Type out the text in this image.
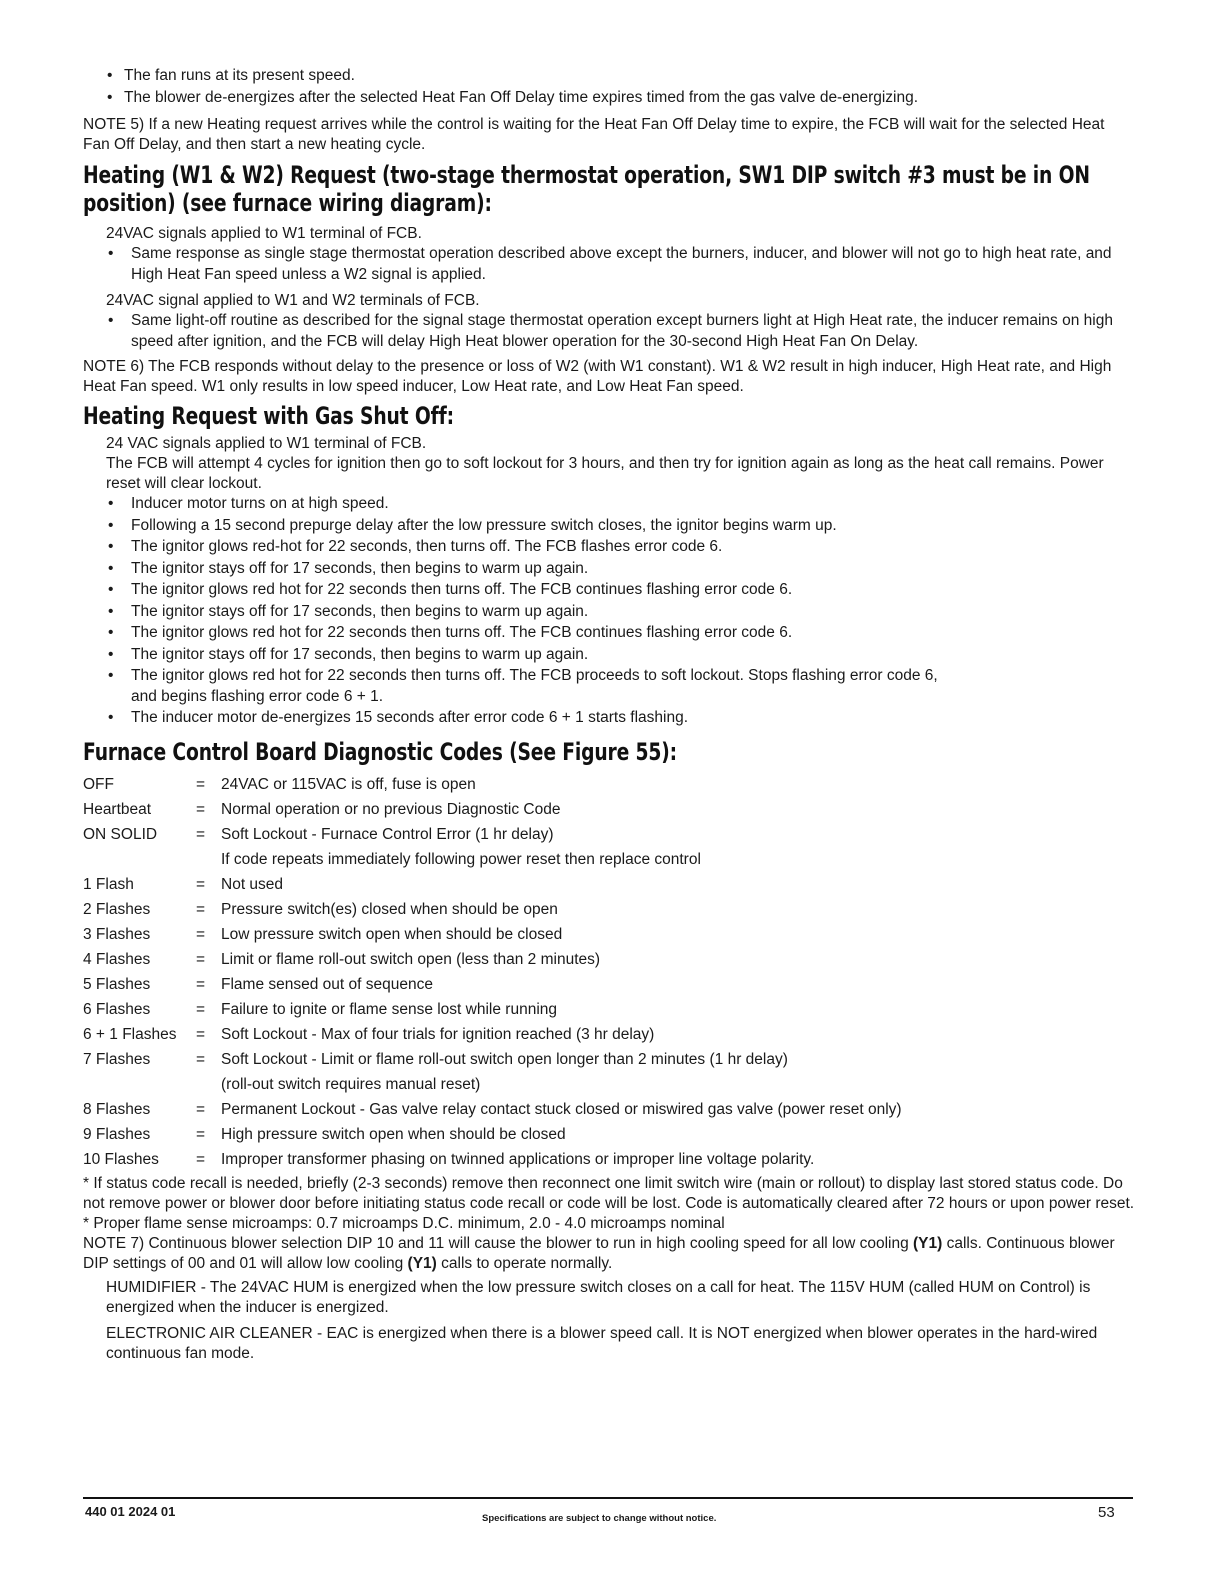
• The fan runs at its present speed.

• The blower de‐energizes after the selected Heat Fan Off Delay time expires timed from the gas valve de‐energizing.

NOTE 5) If a new Heating request arrives while the control is waiting for the Heat Fan Off Delay time to expire, the FCB will wait for the selected Heat Fan Off Delay, and then start a new heating cycle.

Heating (W1 & W2) Request (two‐stage thermostat operation, SW1 DIP switch #3 must be in ON position) (see furnace wiring diagram):

24VAC signals applied to W1 terminal of FCB.

• Same response as single stage thermostat operation described above except the burners, inducer, and blower will not go to high heat rate, and High Heat Fan speed unless a W2 signal is applied.

24VAC signal applied to W1 and W2 terminals of FCB.

• Same light‐off routine as described for the signal stage thermostat operation except burners light at High Heat rate, the inducer remains on high speed after ignition, and the FCB will delay High Heat blower operation for the 30‐second High Heat Fan On Delay.

NOTE 6) The FCB responds without delay to the presence or loss of W2 (with W1 constant). W1 & W2 result in high inducer, High Heat rate, and High Heat Fan speed. W1 only results in low speed inducer, Low Heat rate, and Low Heat Fan speed.

Heating Request with Gas Shut Off:

24 VAC signals applied to W1 terminal of FCB.

The FCB will attempt 4 cycles for ignition then go to soft lockout for 3 hours, and then try for ignition again as long as the heat call remains. Power reset will clear lockout.

• Inducer motor turns on at high speed.

• Following a 15 second prepurge delay after the low pressure switch closes, the ignitor begins warm up.

• The ignitor glows red‐hot for 22 seconds, then turns off. The FCB flashes error code 6.

• The ignitor stays off for 17 seconds, then begins to warm up again.

• The ignitor glows red hot for 22 seconds then turns off. The FCB continues flashing error code 6.

• The ignitor stays off for 17 seconds, then begins to warm up again.

• The ignitor glows red hot for 22 seconds then turns off. The FCB continues flashing error code 6.

• The ignitor stays off for 17 seconds, then begins to warm up again.

• The ignitor glows red hot for 22 seconds then turns off. The FCB proceeds to soft lockout. Stops flashing error code 6, and begins flashing error code 6 + 1.

• The inducer motor de‐energizes 15 seconds after error code 6 + 1 starts flashing.

Furnace Control Board Diagnostic Codes (See Figure 55):
OFF	=	24VAC or 115VAC is off, fuse is open
Heartbeat	=	Normal operation or no previous Diagnostic Code
ON SOLID	=	Soft Lockout ‐ Furnace Control Error (1 hr delay)
If code repeats immediately following power reset then replace control
1 Flash	=	Not used
2 Flashes	=	Pressure switch(es) closed when should be open
3 Flashes	=	Low pressure switch open when should be closed
4 Flashes	=	Limit or flame roll‐out switch open (less than 2 minutes)
5 Flashes	=	Flame sensed out of sequence
6 Flashes	=	Failure to ignite or flame sense lost while running
6 + 1 Flashes	=	Soft Lockout ‐ Max of four trials for ignition reached (3 hr delay)
7 Flashes	=	Soft Lockout ‐ Limit or flame roll‐out switch open longer than 2 minutes (1 hr delay)
(roll‐out switch requires manual reset)
8 Flashes	=	Permanent Lockout ‐ Gas valve relay contact stuck closed or miswired gas valve (power reset only)
9 Flashes	=	High pressure switch open when should be closed
10 Flashes	=	Improper transformer phasing on twinned applications or improper line voltage polarity.

* If status code recall is needed, briefly (2‐3 seconds) remove then reconnect one limit switch wire (main or rollout) to display last stored status code. Do not remove power or blower door before initiating status code recall or code will be lost. Code is automatically cleared after 72 hours or upon power reset.

* Proper flame sense microamps: 0.7 microamps D.C. minimum, 2.0 ‐ 4.0 microamps nominal

NOTE 7) Continuous blower selection DIP 10 and 11 will cause the blower to run in high cooling speed for all low cooling (Y1) calls. Continuous blower DIP settings of 00 and 01 will allow low cooling (Y1) calls to operate normally.

HUMIDIFIER ‐ The 24VAC HUM is energized when the low pressure switch closes on a call for heat. The 115V HUM (called HUM on Control) is energized when the inducer is energized.

ELECTRONIC AIR CLEANER ‐ EAC is energized when there is a blower speed call. It is NOT energized when blower operates in the hard‐wired continuous fan mode.

440 01 2024 01	Specifications are subject to change without notice.	53
